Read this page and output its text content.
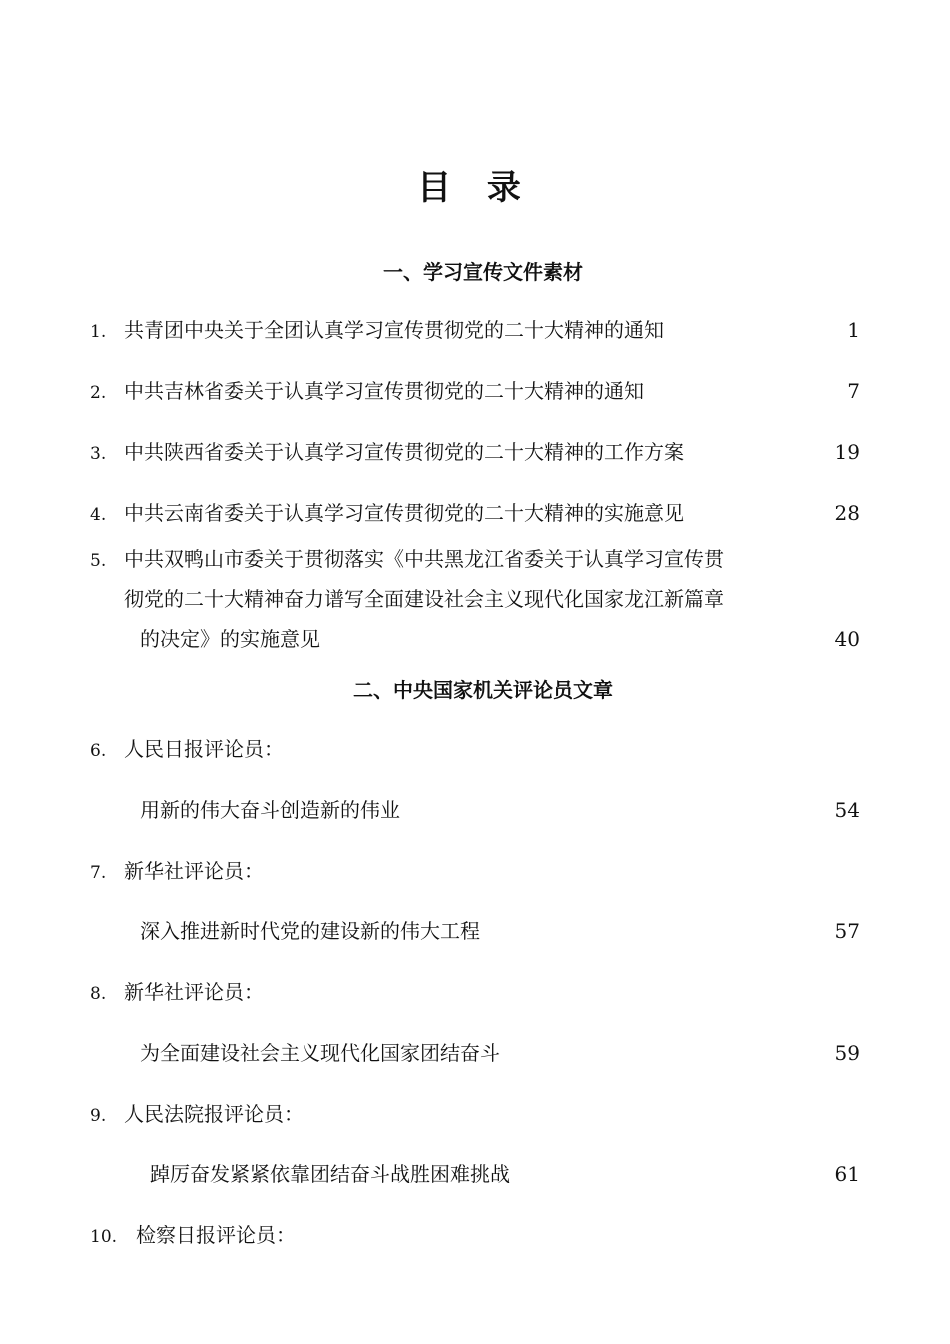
目 录
一、学习宣传文件素材
1. 共青团中央关于全团认真学习宣传贯彻党的二十大精神的通知	1
2. 中共吉林省委关于认真学习宣传贯彻党的二十大精神的通知	7
3. 中共陕西省委关于认真学习宣传贯彻党的二十大精神的工作方案	19
4. 中共云南省委关于认真学习宣传贯彻党的二十大精神的实施意见	28
5. 中共双鸭山市委关于贯彻落实《中共黑龙江省委关于认真学习宣传贯
彻党的二十大精神奋力谱写全面建设社会主义现代化国家龙江新篇章
的决定》的实施意见	40
二、中央国家机关评论员文章
6. 人民日报评论员：
用新的伟大奋斗创造新的伟业	54
7. 新华社评论员：
深入推进新时代党的建设新的伟大工程	57
8. 新华社评论员：
为全面建设社会主义现代化国家团结奋斗	59
9. 人民法院报评论员：
踔厉奋发紧紧依靠团结奋斗战胜困难挑战	61
10. 检察日报评论员：
